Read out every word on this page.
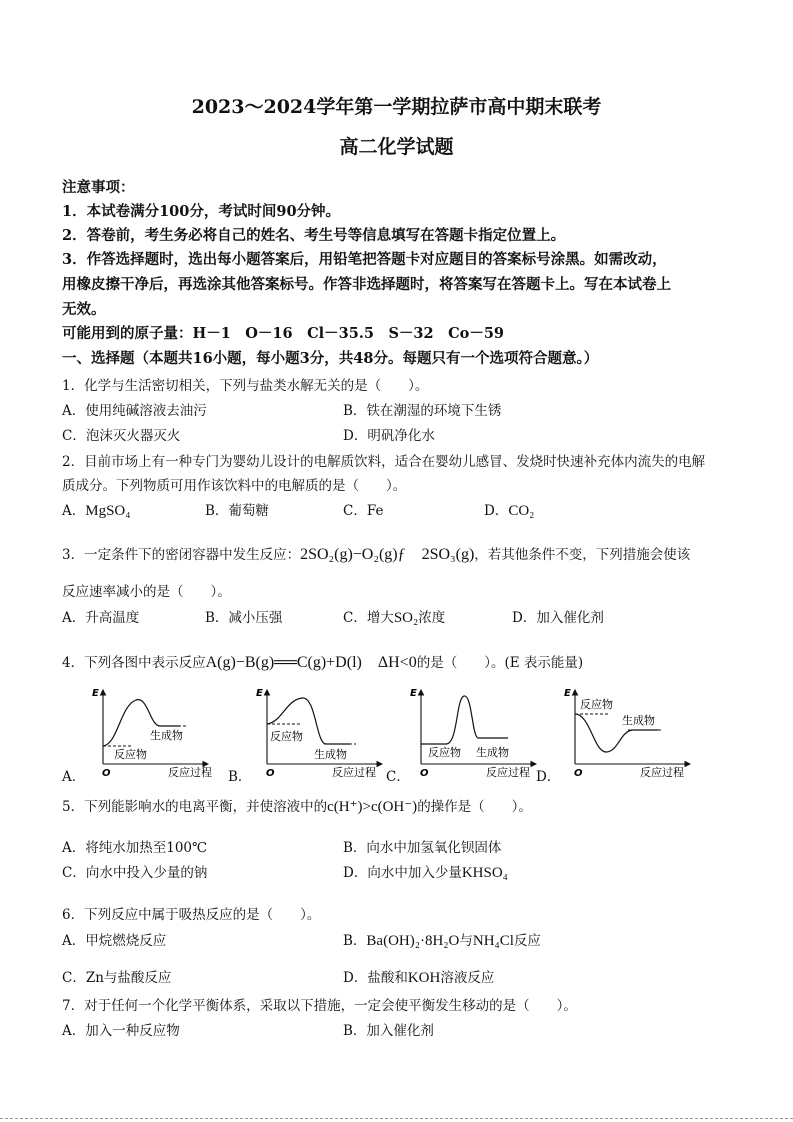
2023～2024学年第一学期拉萨市高中期末联考
高二化学试题
注意事项：
1．本试卷满分100分，考试时间90分钟。
2．答卷前，考生务必将自己的姓名、考生号等信息填写在答题卡指定位置上。
3．作答选择题时，选出每小题答案后，用铅笔把答题卡对应题目的答案标号涂黑。如需改动，
用橡皮擦干净后，再选涂其他答案标号。作答非选择题时，将答案写在答题卡上。写在本试卷上
无效。
可能用到的原子量：H－1　O－16　Cl－35.5　S－32　Co－59
一、选择题（本题共16小题，每小题3分，共48分。每题只有一个选项符合题意。）
1．化学与生活密切相关，下列与盐类水解无关的是（　　）。
A．使用纯碱溶液去油污	B．铁在潮湿的环境下生锈
C．泡沫灭火器灭火	D．明矾净化水
2．目前市场上有一种专门为婴幼儿设计的电解质饮料，适合在婴幼儿感冒、发烧时快速补充体内流失的电解
质成分。下列物质可用作该饮料中的电解质的是（　　）。
A．MgSO₄	B．葡萄糖	C．Fe	D．CO₂
3．一定条件下的密闭容器中发生反应：2SO₂(g)−O₂(g)ƒ　2SO₃(g)，若其他条件不变，下列措施会使该
反应速率减小的是（　　）。
A．升高温度	B．减小压强	C．增大SO₂浓度	D．加入催化剂
4．下列各图中表示反应A(g)−B(g)══C(g)+D(l)　ΔH<0的是（　　）。(E 表示能量)
E
O	反应过程
生成物
反应物
E
O	反应过程
反应物
生成物
E
O	反应过程
反应物 生成物
E
O	反应过程
反应物
生成物
A．	B．	C．	D．
5．下列能影响水的电离平衡，并使溶液中的c(H⁺)>c(OH⁻)的操作是（　　）。
A．将纯水加热至100℃	B．向水中加氢氧化钡固体
C．向水中投入少量的钠	D．向水中加入少量KHSO₄
6．下列反应中属于吸热反应的是（　　）。
A．甲烷燃烧反应	B．Ba(OH)₂·8H₂O与NH₄Cl反应
C．Zn与盐酸反应	D．盐酸和KOH溶液反应
7．对于任何一个化学平衡体系，采取以下措施，一定会使平衡发生移动的是（　　）。
A．加入一种反应物	B．加入催化剂
